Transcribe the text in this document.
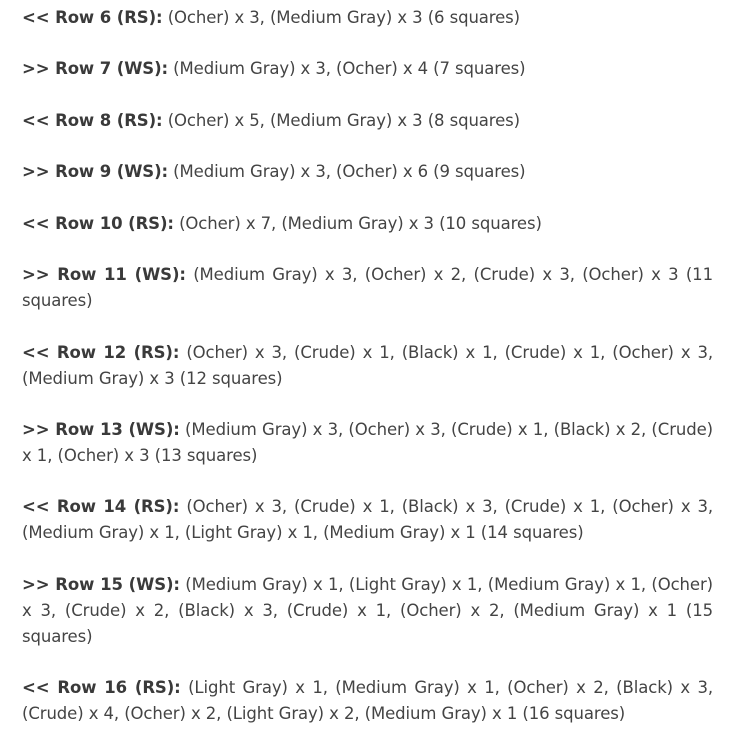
<< Row 6 (RS): (Ocher) x 3, (Medium Gray) x 3 (6 squares)

>> Row 7 (WS): (Medium Gray) x 3, (Ocher) x 4 (7 squares)

<< Row 8 (RS): (Ocher) x 5, (Medium Gray) x 3 (8 squares)

>> Row 9 (WS): (Medium Gray) x 3, (Ocher) x 6 (9 squares)

<< Row 10 (RS): (Ocher) x 7, (Medium Gray) x 3 (10 squares)

>> Row 11 (WS): (Medium Gray) x 3, (Ocher) x 2, (Crude) x 3, (Ocher) x 3 (11 squares)

<< Row 12 (RS): (Ocher) x 3, (Crude) x 1, (Black) x 1, (Crude) x 1, (Ocher) x 3, (Medium Gray) x 3 (12 squares)

>> Row 13 (WS): (Medium Gray) x 3, (Ocher) x 3, (Crude) x 1, (Black) x 2, (Crude) x 1, (Ocher) x 3 (13 squares)

<< Row 14 (RS): (Ocher) x 3, (Crude) x 1, (Black) x 3, (Crude) x 1, (Ocher) x 3, (Medium Gray) x 1, (Light Gray) x 1, (Medium Gray) x 1 (14 squares)

>> Row 15 (WS): (Medium Gray) x 1, (Light Gray) x 1, (Medium Gray) x 1, (Ocher) x 3, (Crude) x 2, (Black) x 3, (Crude) x 1, (Ocher) x 2, (Medium Gray) x 1 (15 squares)

<< Row 16 (RS): (Light Gray) x 1, (Medium Gray) x 1, (Ocher) x 2, (Black) x 3, (Crude) x 4, (Ocher) x 2, (Light Gray) x 2, (Medium Gray) x 1 (16 squares)
